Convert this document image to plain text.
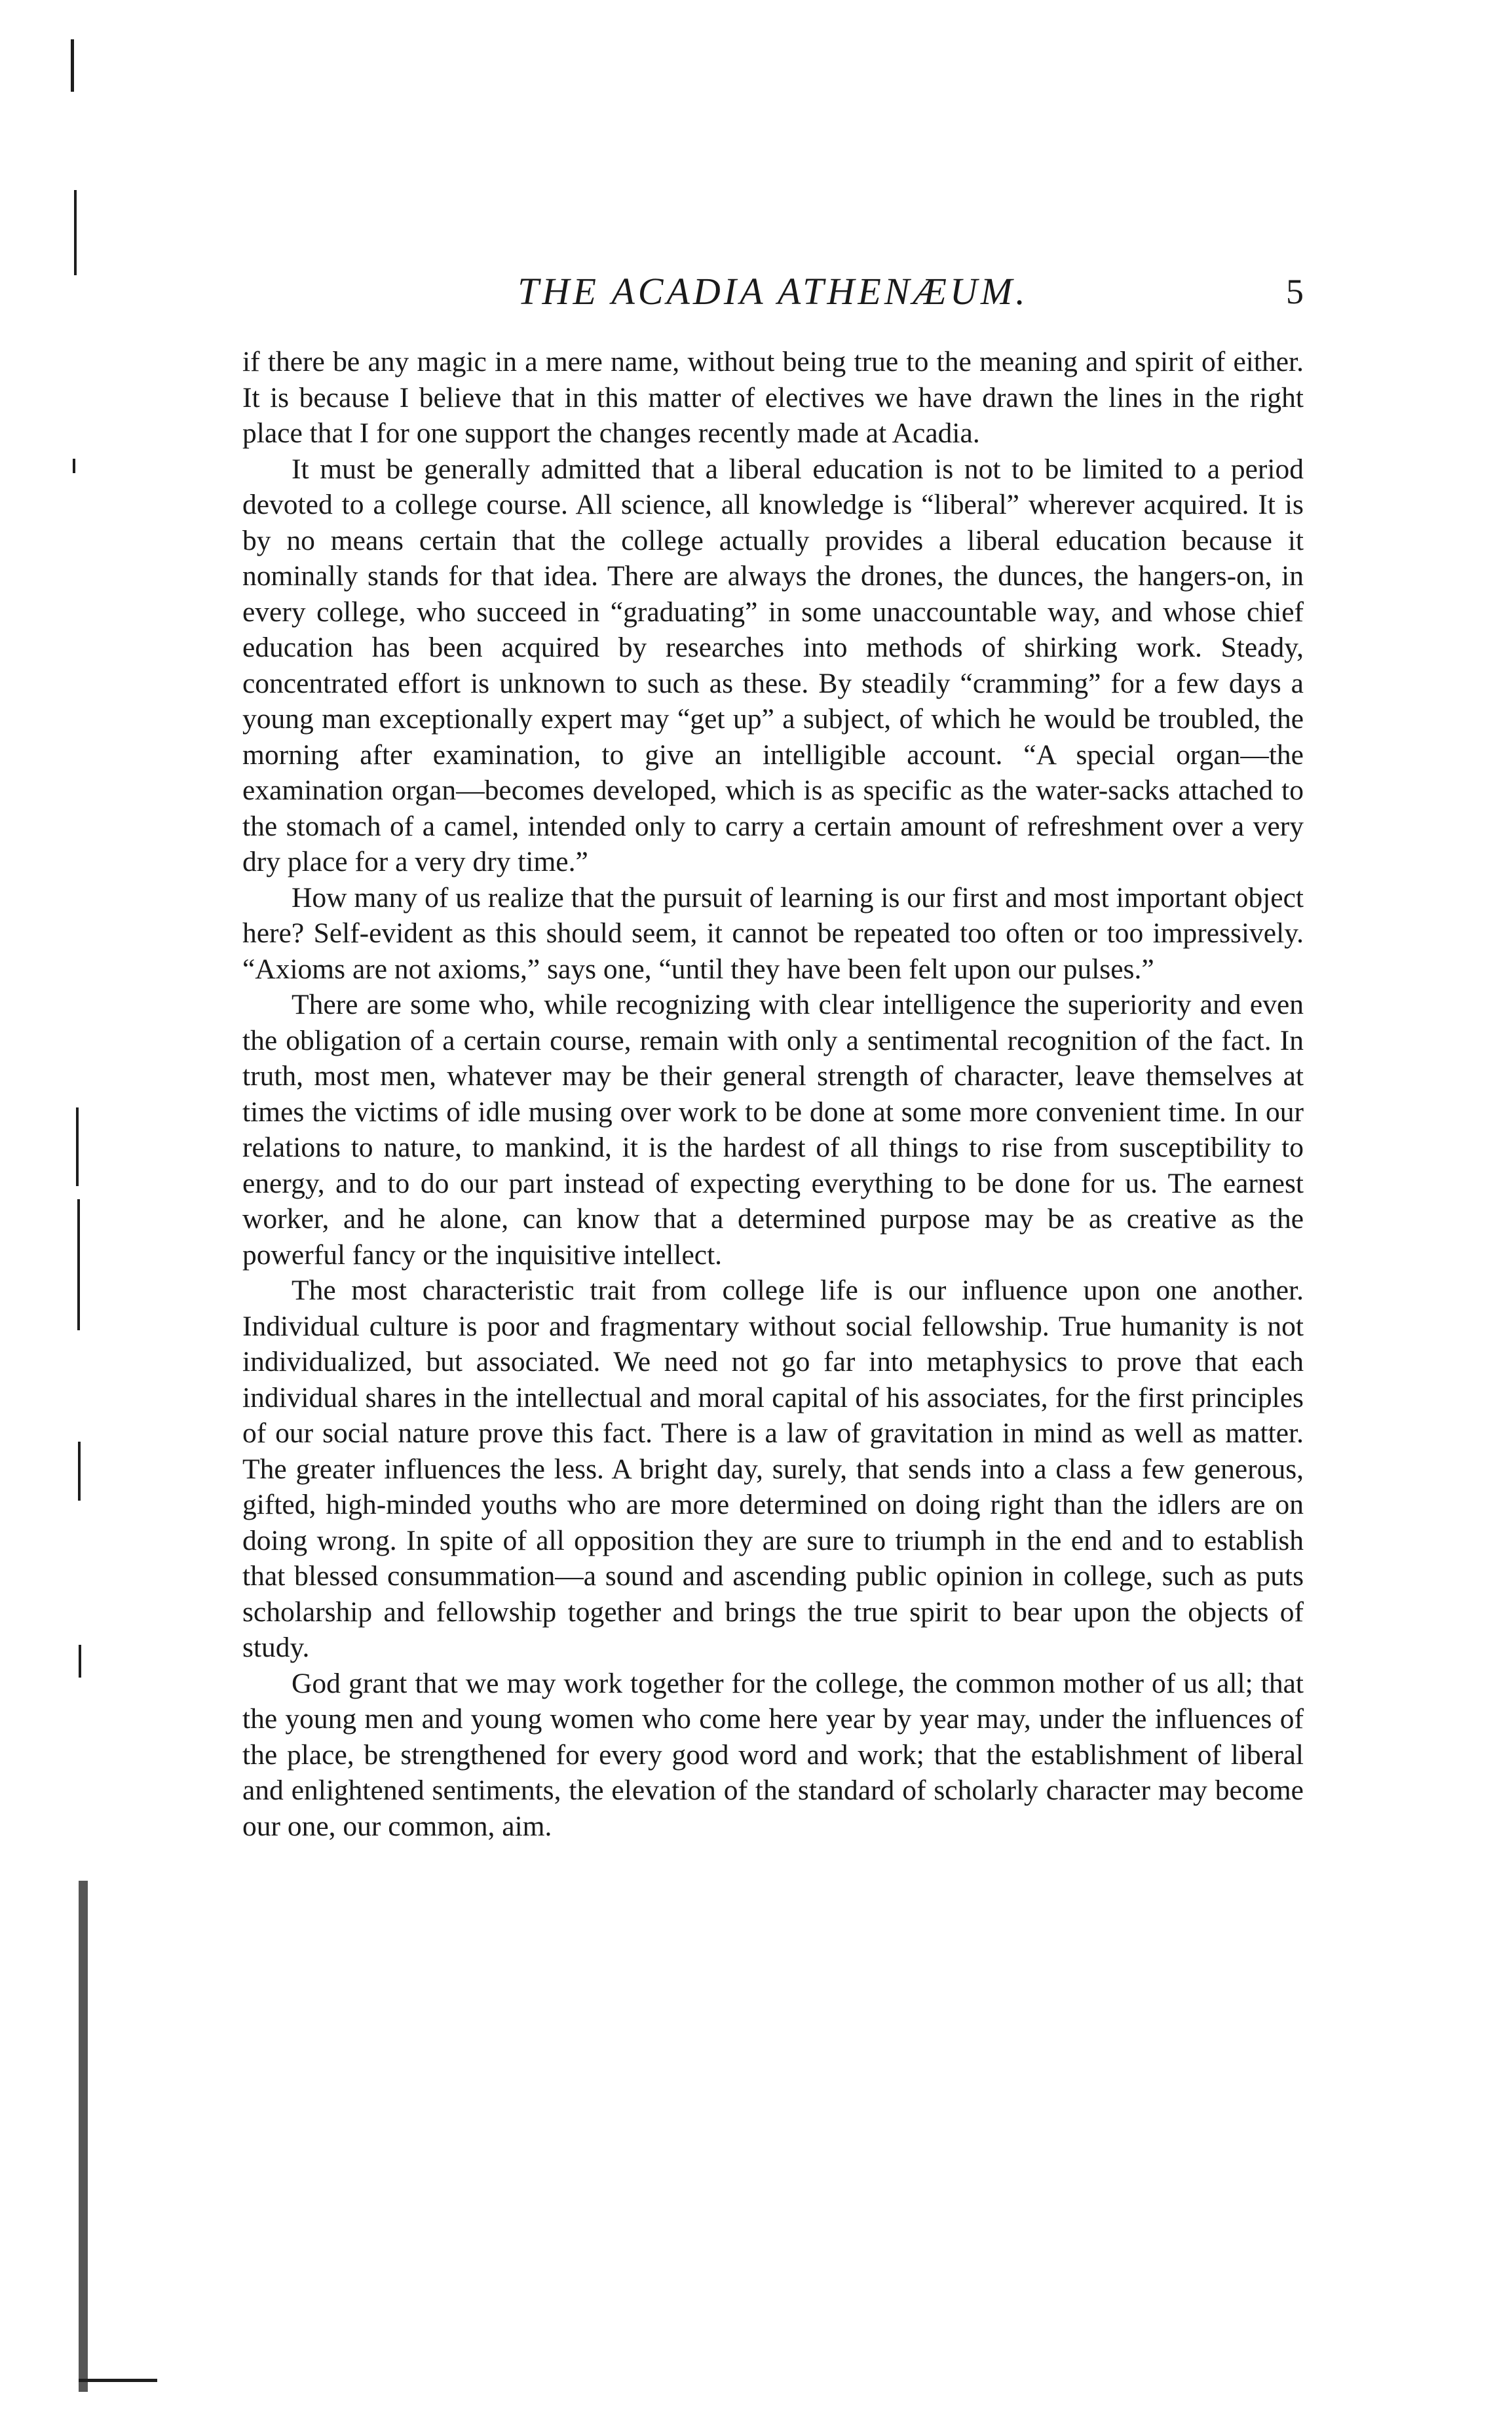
THE ACADIA ATHENÆUM.	5

if there be any magic in a mere name, without being true to the meaning and spirit of either. It is because I believe that in this matter of electives we have drawn the lines in the right place that I for one support the changes recently made at Acadia.

It must be generally admitted that a liberal education is not to be limited to a period devoted to a college course. All science, all knowledge is “liberal” wherever acquired. It is by no means certain that the college actually provides a liberal education because it nominally stands for that idea. There are always the drones, the dunces, the hangers-on, in every college, who succeed in “graduating” in some unaccountable way, and whose chief education has been acquired by researches into methods of shirking work. Steady, concentrated effort is unknown to such as these. By steadily “cramming” for a few days a young man exceptionally expert may “get up” a subject, of which he would be troubled, the morning after examination, to give an intelligible account. “A special organ—the examination organ—becomes developed, which is as specific as the water-sacks attached to the stomach of a camel, intended only to carry a certain amount of refreshment over a very dry place for a very dry time.”

How many of us realize that the pursuit of learning is our first and most important object here? Self-evident as this should seem, it cannot be repeated too often or too impressively. “Axioms are not axioms,” says one, “until they have been felt upon our pulses.”

There are some who, while recognizing with clear intelligence the superiority and even the obligation of a certain course, remain with only a sentimental recognition of the fact. In truth, most men, whatever may be their general strength of character, leave themselves at times the victims of idle musing over work to be done at some more convenient time. In our relations to nature, to mankind, it is the hardest of all things to rise from susceptibility to energy, and to do our part instead of expecting everything to be done for us. The earnest worker, and he alone, can know that a determined purpose may be as creative as the powerful fancy or the inquisitive intellect.

The most characteristic trait from college life is our influence upon one another. Individual culture is poor and fragmentary without social fellowship. True humanity is not individualized, but associated. We need not go far into metaphysics to prove that each individual shares in the intellectual and moral capital of his associates, for the first principles of our social nature prove this fact. There is a law of gravitation in mind as well as matter. The greater influences the less. A bright day, surely, that sends into a class a few generous, gifted, high-minded youths who are more determined on doing right than the idlers are on doing wrong. In spite of all opposition they are sure to triumph in the end and to establish that blessed consummation—a sound and ascending public opinion in college, such as puts scholarship and fellowship together and brings the true spirit to bear upon the objects of study.

God grant that we may work together for the college, the common mother of us all; that the young men and young women who come here year by year may, under the influences of the place, be strengthened for every good word and work; that the establishment of liberal and enlightened sentiments, the elevation of the standard of scholarly character may become our one, our common, aim.
